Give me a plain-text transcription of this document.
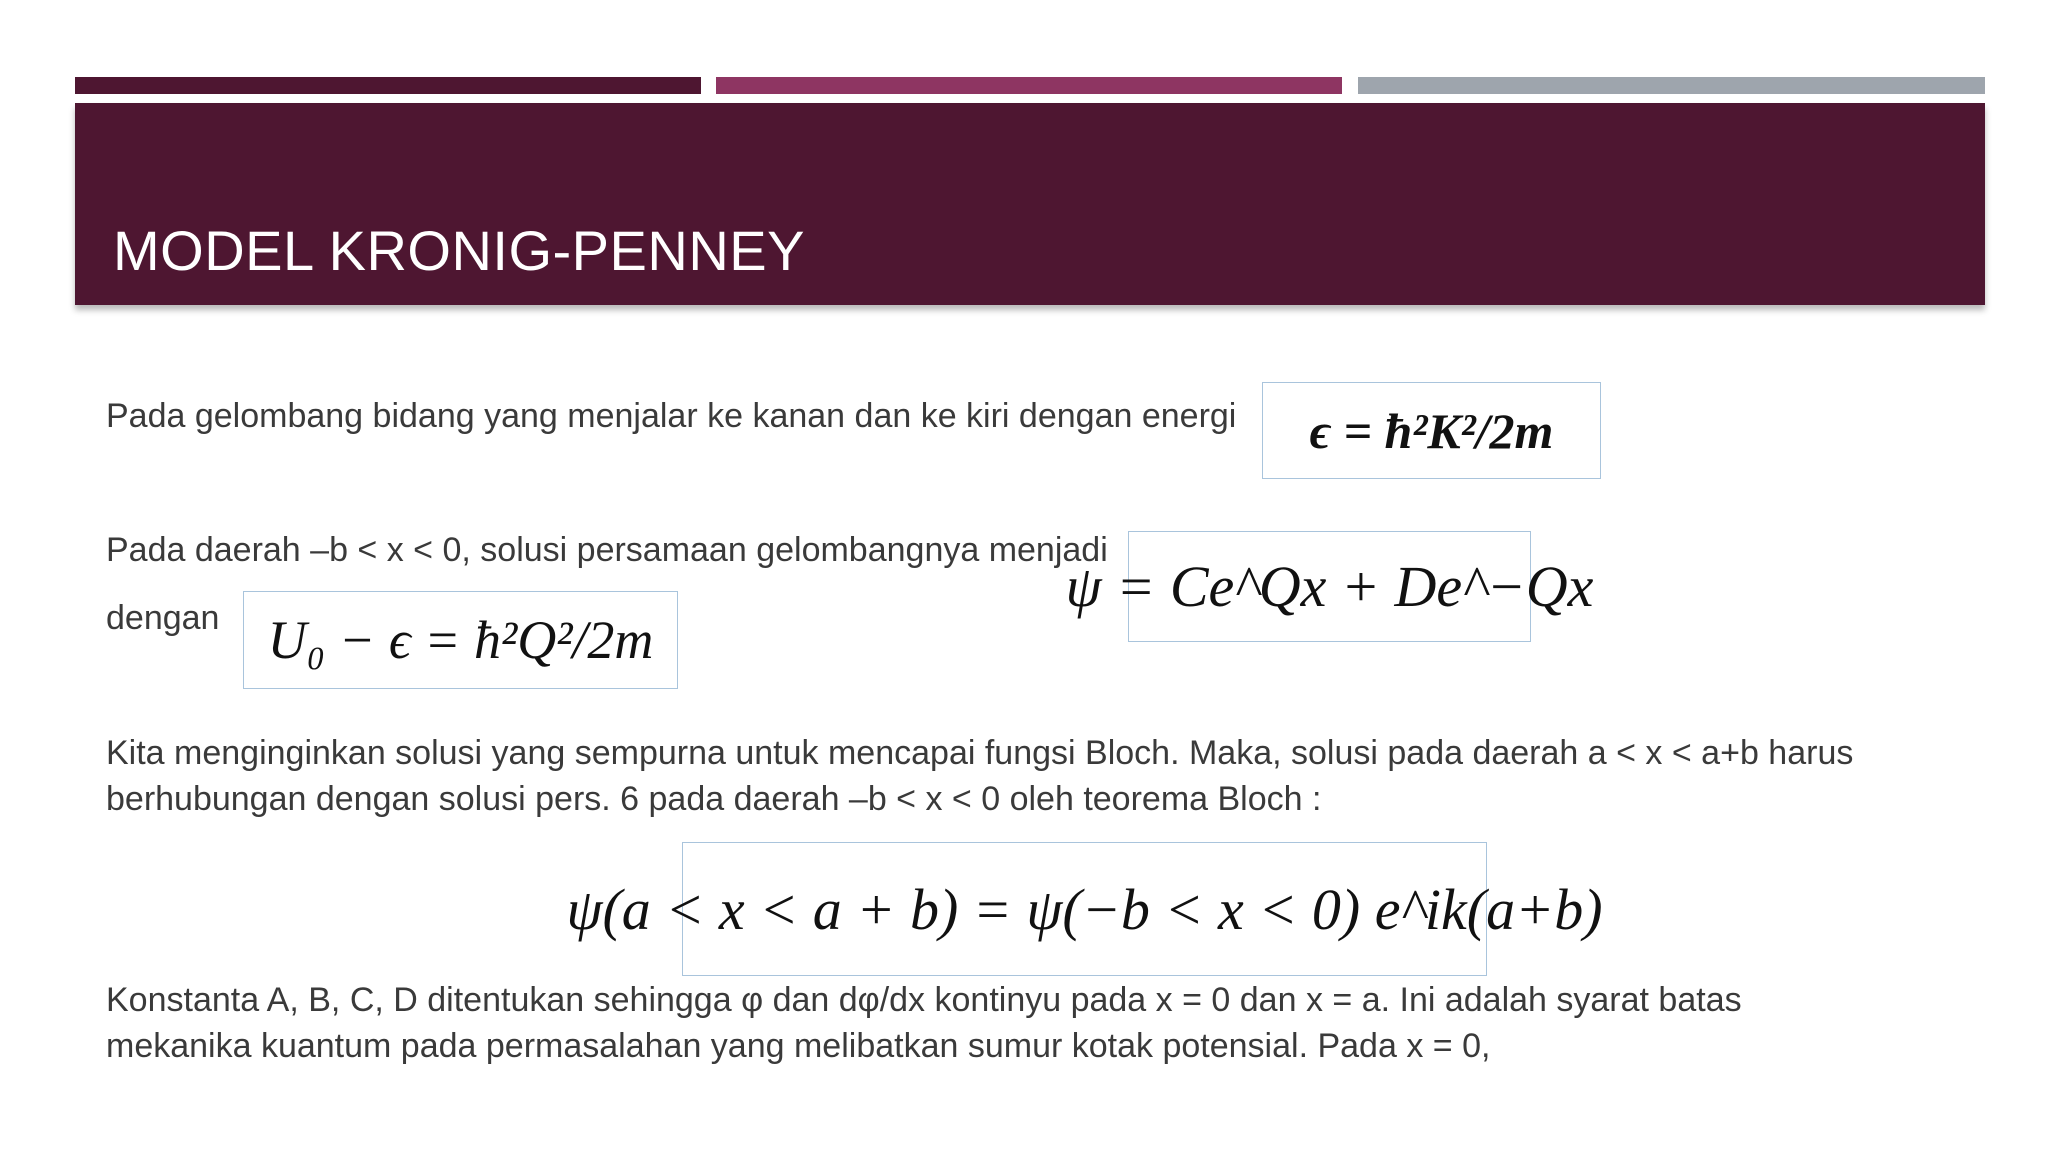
MODEL KRONIG-PENNEY
Pada gelombang bidang yang menjalar ke kanan dan ke kiri dengan energi	ϵ = ħ²K²/2m
Pada daerah –b < x < 0, solusi persamaan gelombangnya menjadi
ψ = Ce^Qx + De^−Qx
dengan U₀ − ϵ = ħ²Q²/2m
Kita menginginkan solusi yang sempurna untuk mencapai fungsi Bloch. Maka, solusi pada daerah a < x < a+b harus
berhubungan dengan solusi pers. 6 pada daerah –b < x < 0 oleh teorema Bloch :
ψ(a < x < a + b) = ψ(−b < x < 0) e^ik(a+b)
Konstanta A, B, C, D ditentukan sehingga φ dan dφ/dx kontinyu pada x = 0 dan x = a. Ini adalah syarat batas
mekanika kuantum pada permasalahan yang melibatkan sumur kotak potensial. Pada x = 0,
